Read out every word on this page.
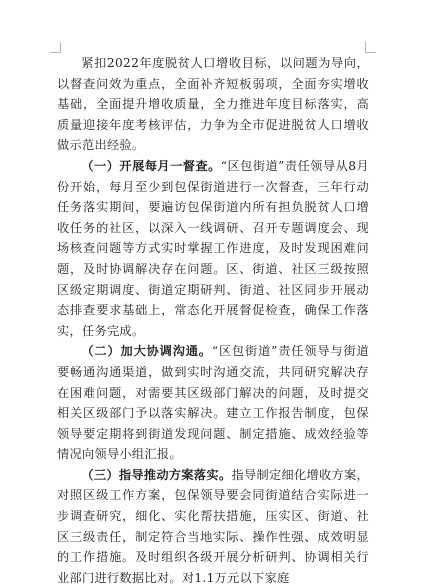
紧扣2022年度脱贫人口增收目标，以问题为导向，以督查问效为重点，全面补齐短板弱项，全面夯实增收基础，全面提升增收质量，全力推进年度目标落实，高质量迎接年度考核评估，力争为全市促进脱贫人口增收做示范出经验。

（一）开展每月一督查。“区包街道”责任领导从8月份开始，每月至少到包保街道进行一次督查，三年行动任务落实期间，要遍访包保街道内所有担负脱贫人口增收任务的社区，以深入一线调研、召开专题调度会、现场核查问题等方式实时掌握工作进度，及时发现困难问题，及时协调解决存在问题。区、街道、社区三级按照区级定期调度、街道定期研判、街道、社区同步开展动态排查要求基础上，常态化开展督促检查，确保工作落实，任务完成。

（二）加大协调沟通。“区包街道”责任领导与街道要畅通沟通渠道，做到实时沟通交流，共同研究解决存在困难问题，对需要其区级部门解决的问题，及时提交相关区级部门予以落实解决。建立工作报告制度，包保领导要定期将到街道发现问题、制定措施、成效经验等情况向领导小组汇报。

（三）指导推动方案落实。指导制定细化增收方案，对照区级工作方案，包保领导要会同街道结合实际进一步调查研究，细化、实化帮扶措施，压实区、街道、社区三级责任，制定符合当地实际、操作性强、成效明显的工作措施。及时组织各级开展分析研判、协调相关行业部门进行数据比对。对1.1万元以下家庭
